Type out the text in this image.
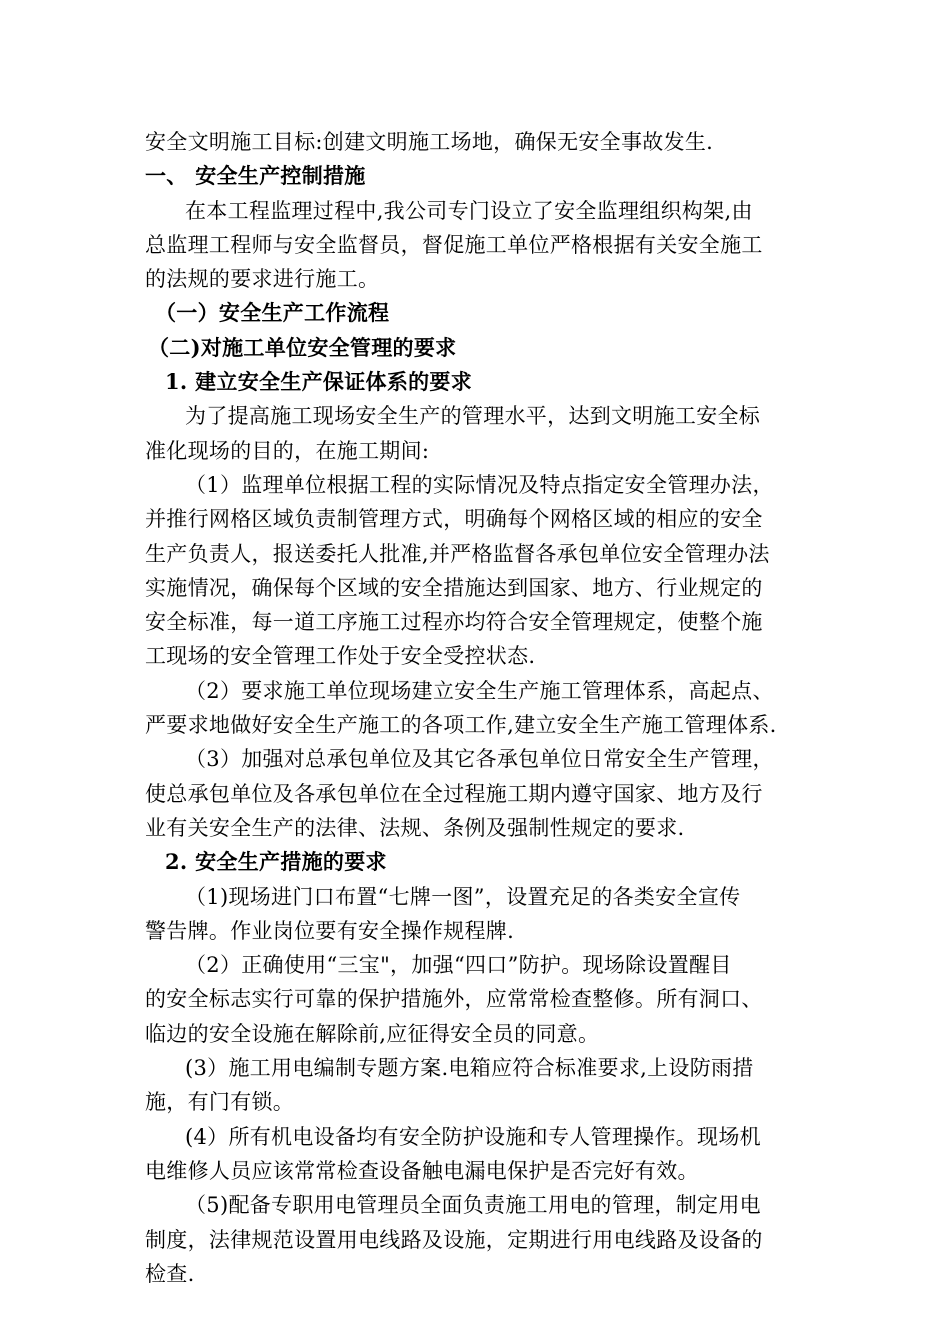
安全文明施工目标:创建文明施工场地，确保无安全事故发生.
一、 安全生产控制措施
在本工程监理过程中,我公司专门设立了安全监理组织构架,由
总监理工程师与安全监督员，督促施工单位严格根据有关安全施工
的法规的要求进行施工。
（一）安全生产工作流程
（二)对施工单位安全管理的要求
1. 建立安全生产保证体系的要求
为了提高施工现场安全生产的管理水平，达到文明施工安全标
准化现场的目的，在施工期间:
（1）监理单位根据工程的实际情况及特点指定安全管理办法，
并推行网格区域负责制管理方式，明确每个网格区域的相应的安全
生产负责人，报送委托人批准,并严格监督各承包单位安全管理办法
实施情况，确保每个区域的安全措施达到国家、地方、行业规定的
安全标准，每一道工序施工过程亦均符合安全管理规定，使整个施
工现场的安全管理工作处于安全受控状态.
（2）要求施工单位现场建立安全生产施工管理体系，高起点、
严要求地做好安全生产施工的各项工作,建立安全生产施工管理体系.
（3）加强对总承包单位及其它各承包单位日常安全生产管理，
使总承包单位及各承包单位在全过程施工期内遵守国家、地方及行
业有关安全生产的法律、法规、条例及强制性规定的要求.
2. 安全生产措施的要求
（1)现场进门口布置“七牌一图”，设置充足的各类安全宣传
警告牌。作业岗位要有安全操作规程牌.
（2）正确使用“三宝"，加强“四口”防护。现场除设置醒目
的安全标志实行可靠的保护措施外，应常常检查整修。所有洞口、
临边的安全设施在解除前,应征得安全员的同意。
(3）施工用电编制专题方案.电箱应符合标准要求,上设防雨措
施，有门有锁。
(4）所有机电设备均有安全防护设施和专人管理操作。现场机
电维修人员应该常常检查设备触电漏电保护是否完好有效。
（5)配备专职用电管理员全面负责施工用电的管理，制定用电
制度，法律规范设置用电线路及设施，定期进行用电线路及设备的
检查.
